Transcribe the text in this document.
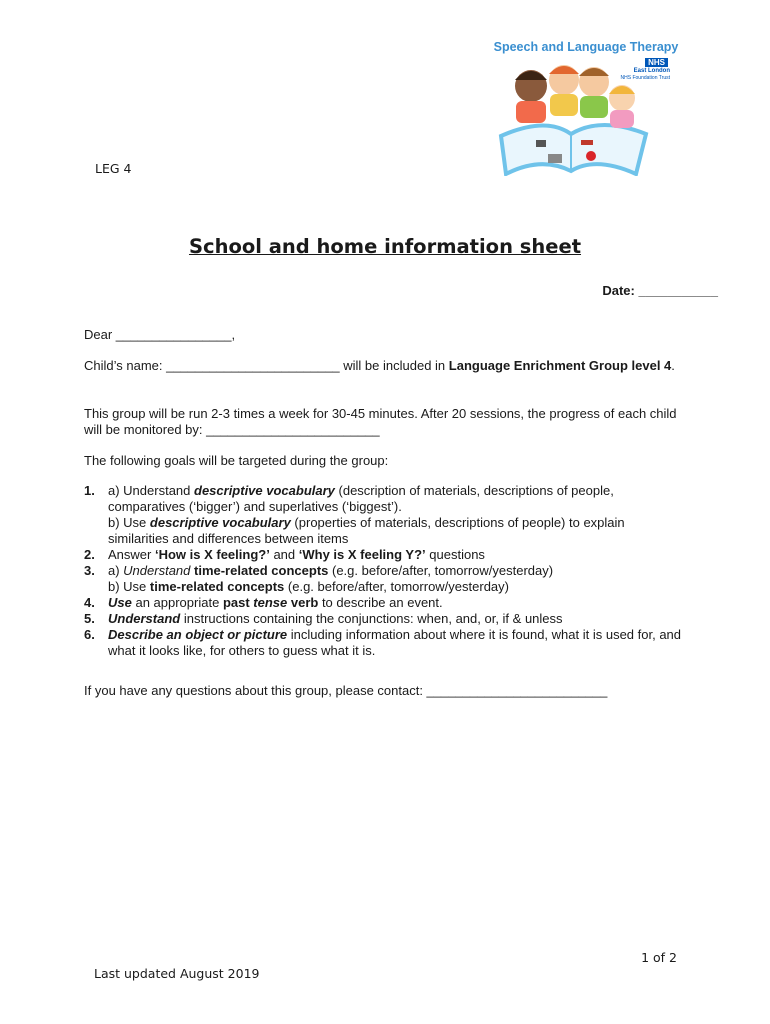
Speech and Language Therapy
NHS
East London
NHS Foundation Trust
LEG 4
School and home information sheet
Date: ___________
Dear ________________,
Child’s name: ________________________ will be included in Language Enrichment Group level 4.
This group will be run 2-3 times a week for 30-45 minutes. After 20 sessions, the progress of each child will be monitored by: ________________________
The following goals will be targeted during the group:
1. a) Understand descriptive vocabulary (description of materials, descriptions of people, comparatives (‘bigger’) and superlatives (‘biggest’).
b) Use descriptive vocabulary (properties of materials, descriptions of people) to explain similarities and differences between items
2. Answer ‘How is X feeling?’ and ‘Why is X feeling Y?’ questions
3. a) Understand time-related concepts (e.g. before/after, tomorrow/yesterday)
b) Use time-related concepts (e.g. before/after, tomorrow/yesterday)
4. Use an appropriate past tense verb to describe an event.
5. Understand instructions containing the conjunctions: when, and, or, if & unless
6. Describe an object or picture including information about where it is found, what it is used for, and what it looks like, for others to guess what it is.
If you have any questions about this group, please contact: _________________________
1 of 2
Last updated August 2019
